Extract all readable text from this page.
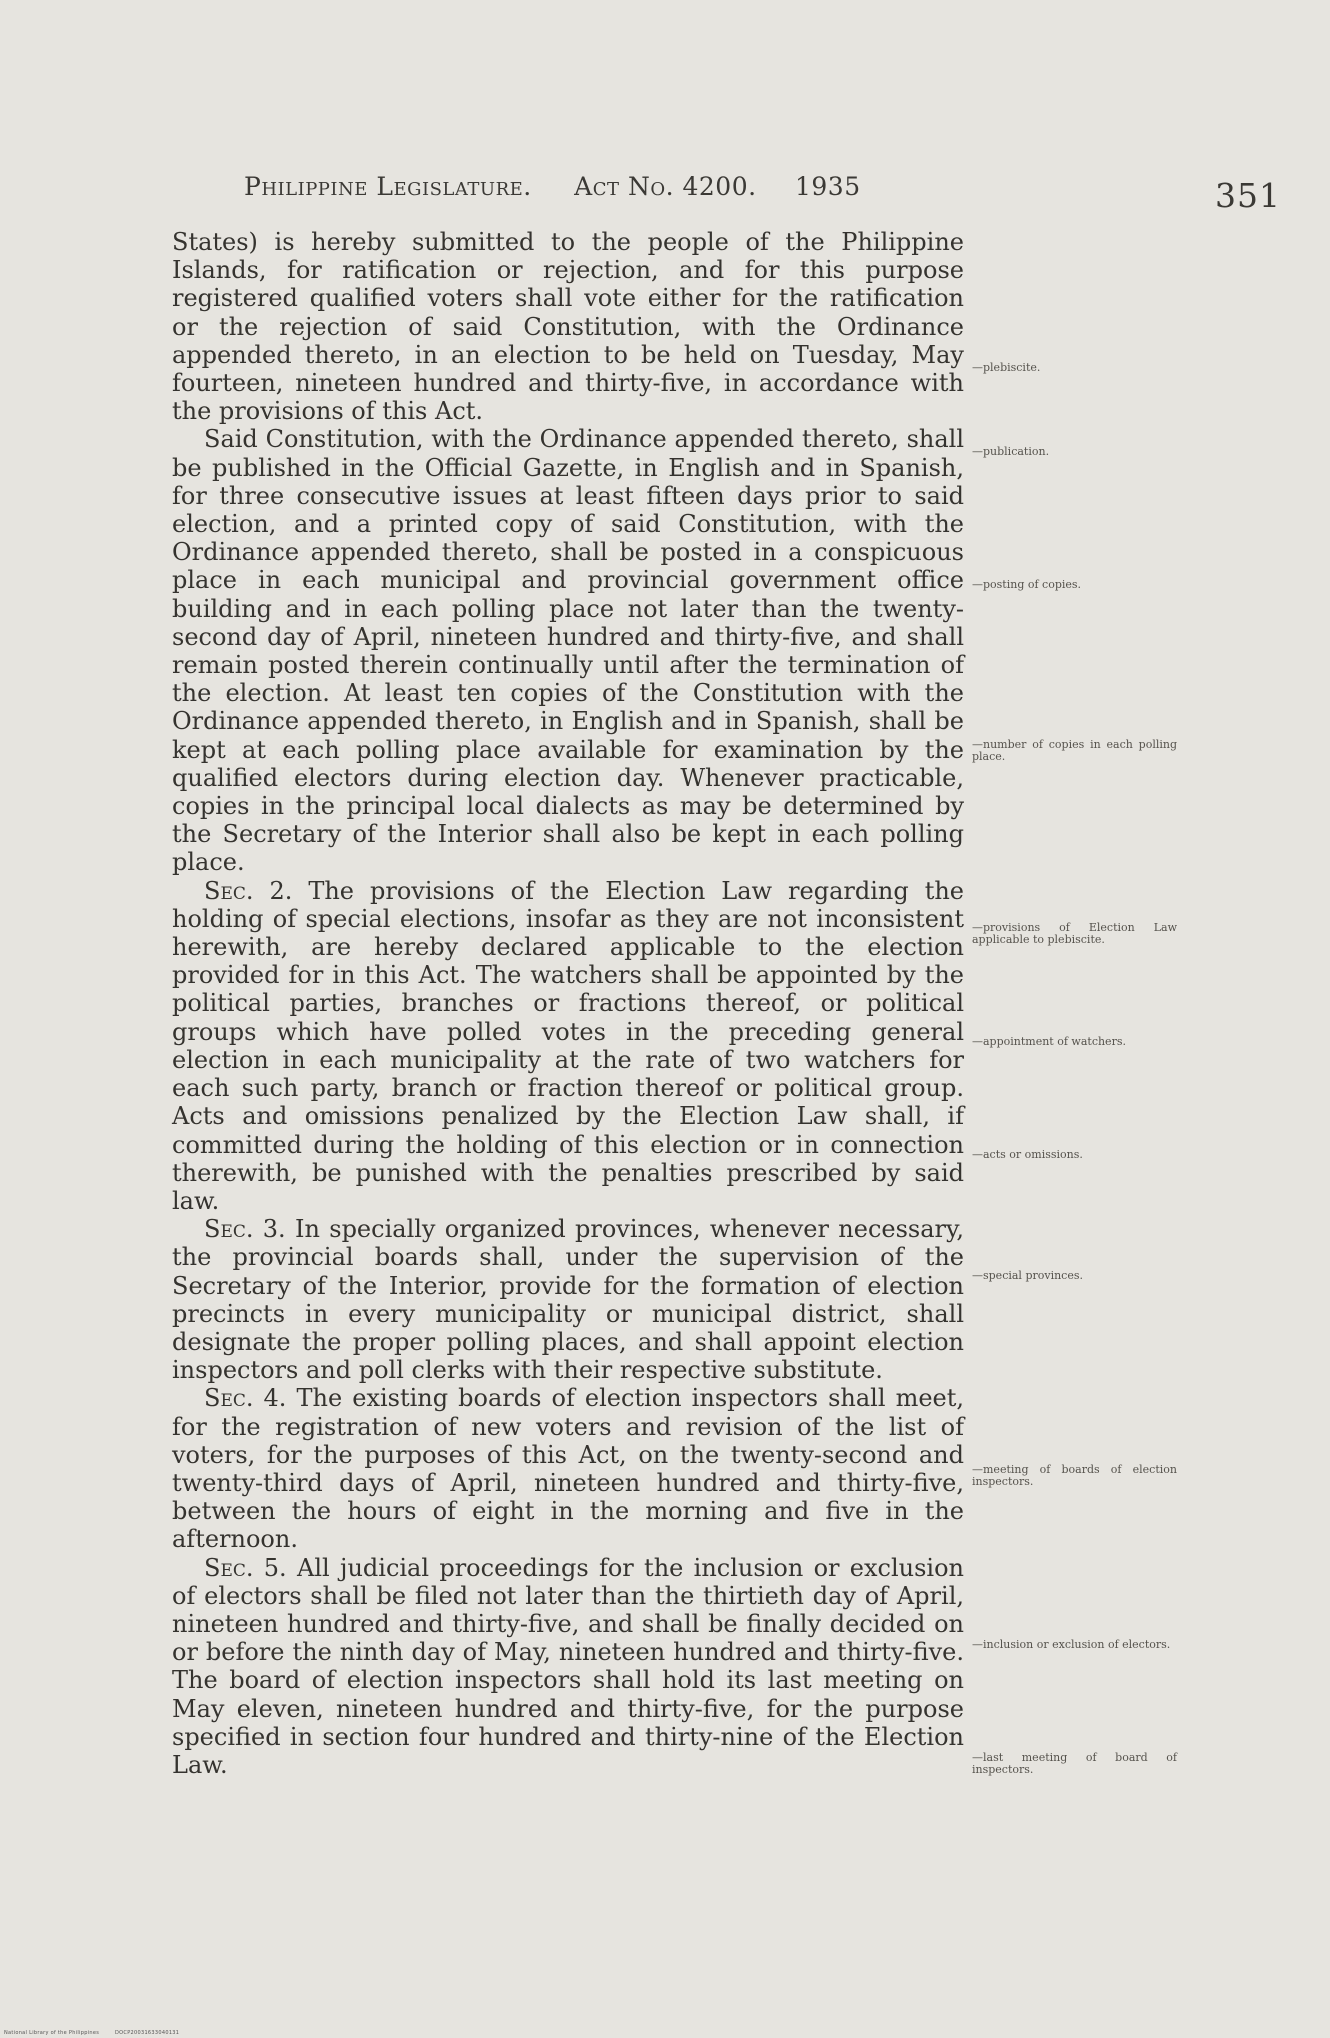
Philippine Legislature. Act No. 4200. 1935	351

States) is hereby submitted to the people of the Philippine Islands, for ratification or rejection, and for this purpose registered qualified voters shall vote either for the ratification or the rejection of said Constitution, with the Ordinance appended thereto, in an election to be held on Tuesday, May fourteen, nineteen hundred and thirty-five, in accordance with the provisions of this Act.

Said Constitution, with the Ordinance appended thereto, shall be published in the Official Gazette, in English and in Spanish, for three consecutive issues at least fifteen days prior to said election, and a printed copy of said Constitution, with the Ordinance appended thereto, shall be posted in a conspicuous place in each municipal and provincial government office building and in each polling place not later than the twenty-second day of April, nineteen hundred and thirty-five, and shall remain posted therein continually until after the termination of the election. At least ten copies of the Constitution with the Ordinance appended thereto, in English and in Spanish, shall be kept at each polling place available for examination by the qualified electors during election day. Whenever practicable, copies in the principal local dialects as may be determined by the Secretary of the Interior shall also be kept in each polling place.

Sec. 2. The provisions of the Election Law regarding the holding of special elections, insofar as they are not inconsistent herewith, are hereby declared applicable to the election provided for in this Act. The watchers shall be appointed by the political parties, branches or fractions thereof, or political groups which have polled votes in the preceding general election in each municipality at the rate of two watchers for each such party, branch or fraction thereof or political group. Acts and omissions penalized by the Election Law shall, if committed during the holding of this election or in connection therewith, be punished with the penalties prescribed by said law.

Sec. 3. In specially organized provinces, whenever necessary, the provincial boards shall, under the supervision of the Secretary of the Interior, provide for the formation of election precincts in every municipality or municipal district, shall designate the proper polling places, and shall appoint election inspectors and poll clerks with their respective substitute.

Sec. 4. The existing boards of election inspectors shall meet, for the registration of new voters and revision of the list of voters, for the purposes of this Act, on the twenty-second and twenty-third days of April, nineteen hundred and thirty-five, between the hours of eight in the morning and five in the afternoon.

Sec. 5. All judicial proceedings for the inclusion or exclusion of electors shall be filed not later than the thirtieth day of April, nineteen hundred and thirty-five, and shall be finally decided on or before the ninth day of May, nineteen hundred and thirty-five. The board of election inspectors shall hold its last meeting on May eleven, nineteen hundred and thirty-five, for the purpose specified in section four hundred and thirty-nine of the Election Law.

—plebiscite.
—publication.
—posting of copies.
—number of copies in each polling place.
—provisions of Election Law applicable to plebiscite.
—appointment of watchers.
—acts or omissions.
—special provinces.
—meeting of boards of election inspectors.
—inclusion or exclusion of electors.
—last meeting of board of inspectors.
National Library of the Philippines	DOCP20031633040131
